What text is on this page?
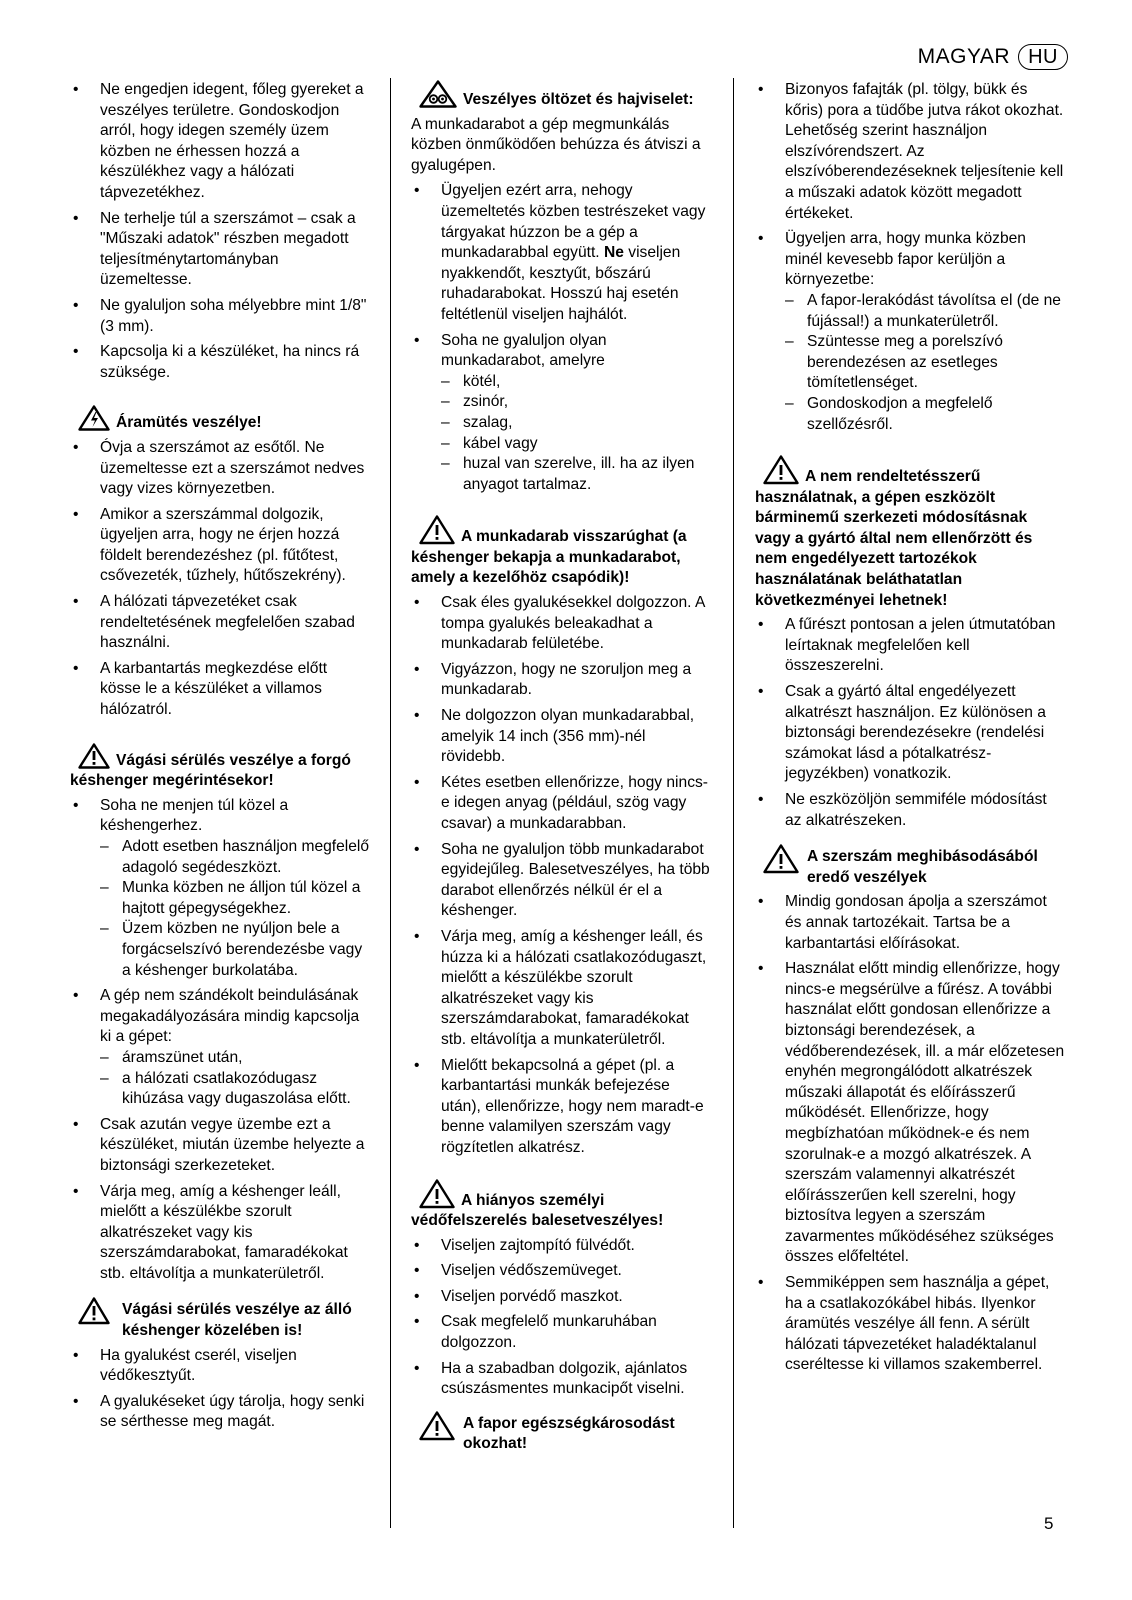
MAGYAR HU
• Ne engedjen idegent, főleg gyereket a veszélyes területre. Gondoskodjon arról, hogy idegen személy üzem közben ne érhessen hozzá a készülékhez vagy a hálózati tápvezetékhez.
• Ne terhelje túl a szerszámot – csak a "Műszaki adatok" részben megadott teljesítménytartományban üzemeltesse.
• Ne gyaluljon soha mélyebbre mint 1/8" (3 mm).
• Kapcsolja ki a készüléket, ha nincs rá szüksége.
Áramütés veszélye!
• Óvja a szerszámot az esőtől. Ne üzemeltesse ezt a szerszámot nedves vagy vizes környezetben.
• Amikor a szerszámmal dolgozik, ügyeljen arra, hogy ne érjen hozzá földelt berendezéshez (pl. fűtőtest, csővezeték, tűzhely, hűtőszekrény).
• A hálózati tápvezetéket csak rendeltetésének megfelelően szabad használni.
• A karbantartás megkezdése előtt kösse le a készüléket a villamos hálózatról.
Vágási sérülés veszélye a forgó késhenger megérintésekor!
• Soha ne menjen túl közel a késhengerhez.
– Adott esetben használjon megfelelő adagoló segédeszközt.
– Munka közben ne álljon túl közel a hajtott gépegységekhez.
– Üzem közben ne nyúljon bele a forgácselszívó berendezésbe vagy a késhenger burkolatába.
• A gép nem szándékolt beindulásának megakadályozására mindig kapcsolja ki a gépet:
– áramszünet után,
– a hálózati csatlakozódugasz kihúzása vagy dugaszolása előtt.
• Csak azután vegye üzembe ezt a készüléket, miután üzembe helyezte a biztonsági szerkezeteket.
• Várja meg, amíg a késhenger leáll, mielőtt a készülékbe szorult alkatrészeket vagy kis szerszámdarabokat, famaradékokat stb. eltávolítja a munkaterületről.
Vágási sérülés veszélye az álló késhenger közelében is!
• Ha gyalukést cserél, viseljen védőkesztyűt.
• A gyalukéseket úgy tárolja, hogy senki se sérthesse meg magát.
Veszélyes öltözet és hajviselet:
A munkadarabot a gép megmunkálás közben önműködően behúzza és átviszi a gyalugépen.
• Ügyeljen ezért arra, nehogy üzemeltetés közben testrészeket vagy tárgyakat húzzon be a gép a munkadarabbal együtt. Ne viseljen nyakkendőt, kesztyűt, bőszárú ruhadarabokat. Hosszú haj esetén feltétlenül viseljen hajhálót.
• Soha ne gyaluljon olyan munkadarabot, amelyre
– kötél,
– zsinór,
– szalag,
– kábel vagy
– huzal van szerelve, ill. ha az ilyen anyagot tartalmaz.
A munkadarab visszarúghat (a késhenger bekapja a munkadarabot, amely a kezelőhöz csapódik)!
• Csak éles gyalukésekkel dolgozzon. A tompa gyalukés beleakadhat a munkadarab felületébe.
• Vigyázzon, hogy ne szoruljon meg a munkadarab.
• Ne dolgozzon olyan munkadarabbal, amelyik 14 inch (356 mm)-nél rövidebb.
• Kétes esetben ellenőrizze, hogy nincs-e idegen anyag (például, szög vagy csavar) a munkadarabban.
• Soha ne gyaluljon több munkadarabot egyidejűleg. Balesetveszélyes, ha több darabot ellenőrzés nélkül ér el a késhenger.
• Várja meg, amíg a késhenger leáll, és húzza ki a hálózati csatlakozódugaszt, mielőtt a készülékbe szorult alkatrészeket vagy kis szerszámdarabokat, famaradékokat stb. eltávolítja a munkaterületről.
• Mielőtt bekapcsolná a gépet (pl. a karbantartási munkák befejezése után), ellenőrizze, hogy nem maradt-e benne valamilyen szerszám vagy rögzítetlen alkatrész.
A hiányos személyi védőfelszerelés balesetveszélyes!
• Viseljen zajtompító fülvédőt.
• Viseljen védőszemüveget.
• Viseljen porvédő maszkot.
• Csak megfelelő munkaruhában dolgozzon.
• Ha a szabadban dolgozik, ajánlatos csúszásmentes munkacipőt viselni.
A fapor egészségkárosodást okozhat!
• Bizonyos fafajták (pl. tölgy, bükk és kőris) pora a tüdőbe jutva rákot okozhat. Lehetőség szerint használjon elszívórendszert. Az elszívóberendezéseknek teljesítenie kell a műszaki adatok között megadott értékeket.
• Ügyeljen arra, hogy munka közben minél kevesebb fapor kerüljön a környezetbe:
– A fapor-lerakódást távolítsa el (de ne fújással!) a munkaterületről.
– Szüntesse meg a porelszívó berendezésen az esetleges tömítetlenséget.
– Gondoskodjon a megfelelő szellőzésről.
A nem rendeltetésszerű használatnak, a gépen eszközölt bárminemű szerkezeti módosításnak vagy a gyártó által nem ellenőrzött és nem engedélyezett tartozékok használatának beláthatatlan következményei lehetnek!
• A fűrészt pontosan a jelen útmutatóban leírtaknak megfelelően kell összeszerelni.
• Csak a gyártó által engedélyezett alkatrészt használjon. Ez különösen a biztonsági berendezésekre (rendelési számokat lásd a pótalkatrész-jegyzékben) vonatkozik.
• Ne eszközöljön semmiféle módosítást az alkatrészeken.
A szerszám meghibásodásából eredő veszélyek
• Mindig gondosan ápolja a szerszámot és annak tartozékait. Tartsa be a karbantartási előírásokat.
• Használat előtt mindig ellenőrizze, hogy nincs-e megsérülve a fűrész. A további használat előtt gondosan ellenőrizze a biztonsági berendezések, a védőberendezések, ill. a már előzetesen enyhén megrongálódott alkatrészek műszaki állapotát és előírásszerű működését. Ellenőrizze, hogy megbízhatóan működnek-e és nem szorulnak-e a mozgó alkatrészek. A szerszám valamennyi alkatrészét előírásszerűen kell szerelni, hogy biztosítva legyen a szerszám zavarmentes működéséhez szükséges összes előfeltétel.
• Semmiképpen sem használja a gépet, ha a csatlakozókábel hibás. Ilyenkor áramütés veszélye áll fenn. A sérült hálózati tápvezetéket haladéktalanul cseréltesse ki villamos szakemberrel.
5
